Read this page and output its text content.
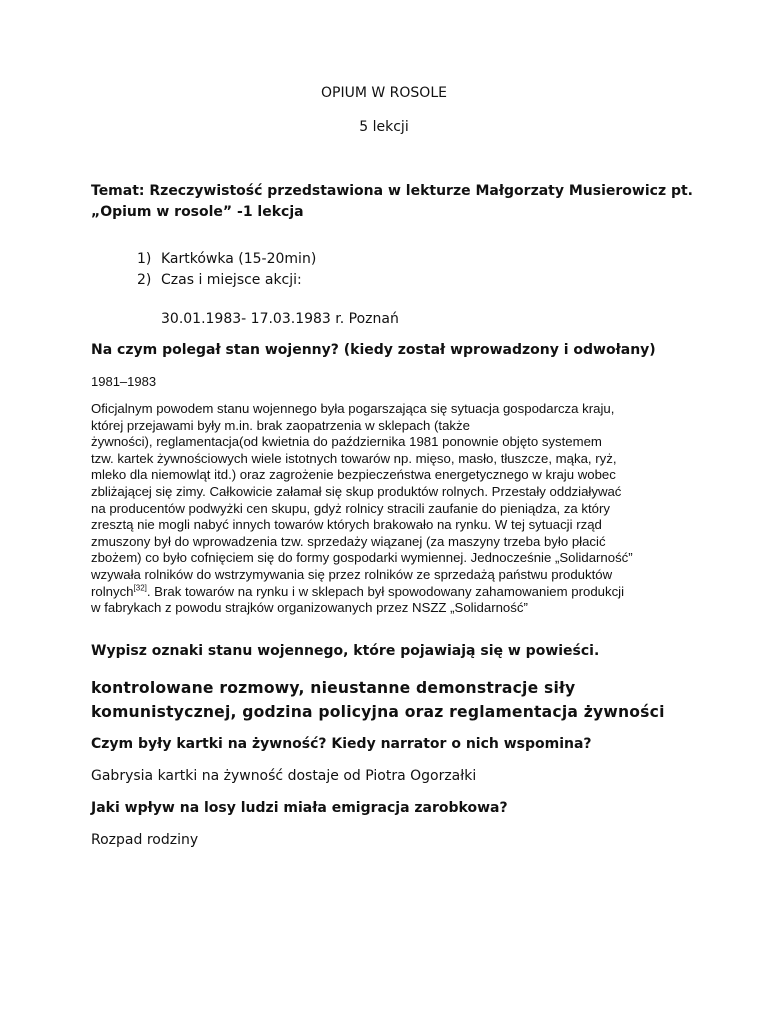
OPIUM W ROSOLE
5 lekcji
Temat: Rzeczywistość przedstawiona w lekturze Małgorzaty Musierowicz pt.
„Opium w rosole” -1 lekcja
1) Kartkówka (15-20min)
2) Czas i miejsce akcji:
30.01.1983- 17.03.1983 r. Poznań
Na czym polegał stan wojenny? (kiedy został wprowadzony i odwołany)
1981–1983
Oficjalnym powodem stanu wojennego była pogarszająca się sytuacja gospodarcza kraju,
której przejawami były m.in. brak zaopatrzenia w sklepach (także
żywności), reglamentacja(od kwietnia do października 1981 ponownie objęto systemem
tzw. kartek żywnościowych wiele istotnych towarów np. mięso, masło, tłuszcze, mąka, ryż,
mleko dla niemowląt itd.) oraz zagrożenie bezpieczeństwa energetycznego w kraju wobec
zbliżającej się zimy. Całkowicie załamał się skup produktów rolnych. Przestały oddziaływać
na producentów podwyżki cen skupu, gdyż rolnicy stracili zaufanie do pieniądza, za który
zresztą nie mogli nabyć innych towarów których brakowało na rynku. W tej sytuacji rząd
zmuszony był do wprowadzenia tzw. sprzedaży wiązanej (za maszyny trzeba było płacić
zbożem) co było cofnięciem się do formy gospodarki wymiennej. Jednocześnie „Solidarność”
wzywała rolników do wstrzymywania się przez rolników ze sprzedażą państwu produktów
rolnych[32]. Brak towarów na rynku i w sklepach był spowodowany zahamowaniem produkcji
w fabrykach z powodu strajków organizowanych przez NSZZ „Solidarność”
Wypisz oznaki stanu wojennego, które pojawiają się w powieści.
kontrolowane rozmowy, nieustanne demonstracje siły
komunistycznej, godzina policyjna oraz reglamentacja żywności
Czym były kartki na żywność? Kiedy narrator o nich wspomina?
Gabrysia kartki na żywność dostaje od Piotra Ogorzałki
Jaki wpływ na losy ludzi miała emigracja zarobkowa?
Rozpad rodziny
